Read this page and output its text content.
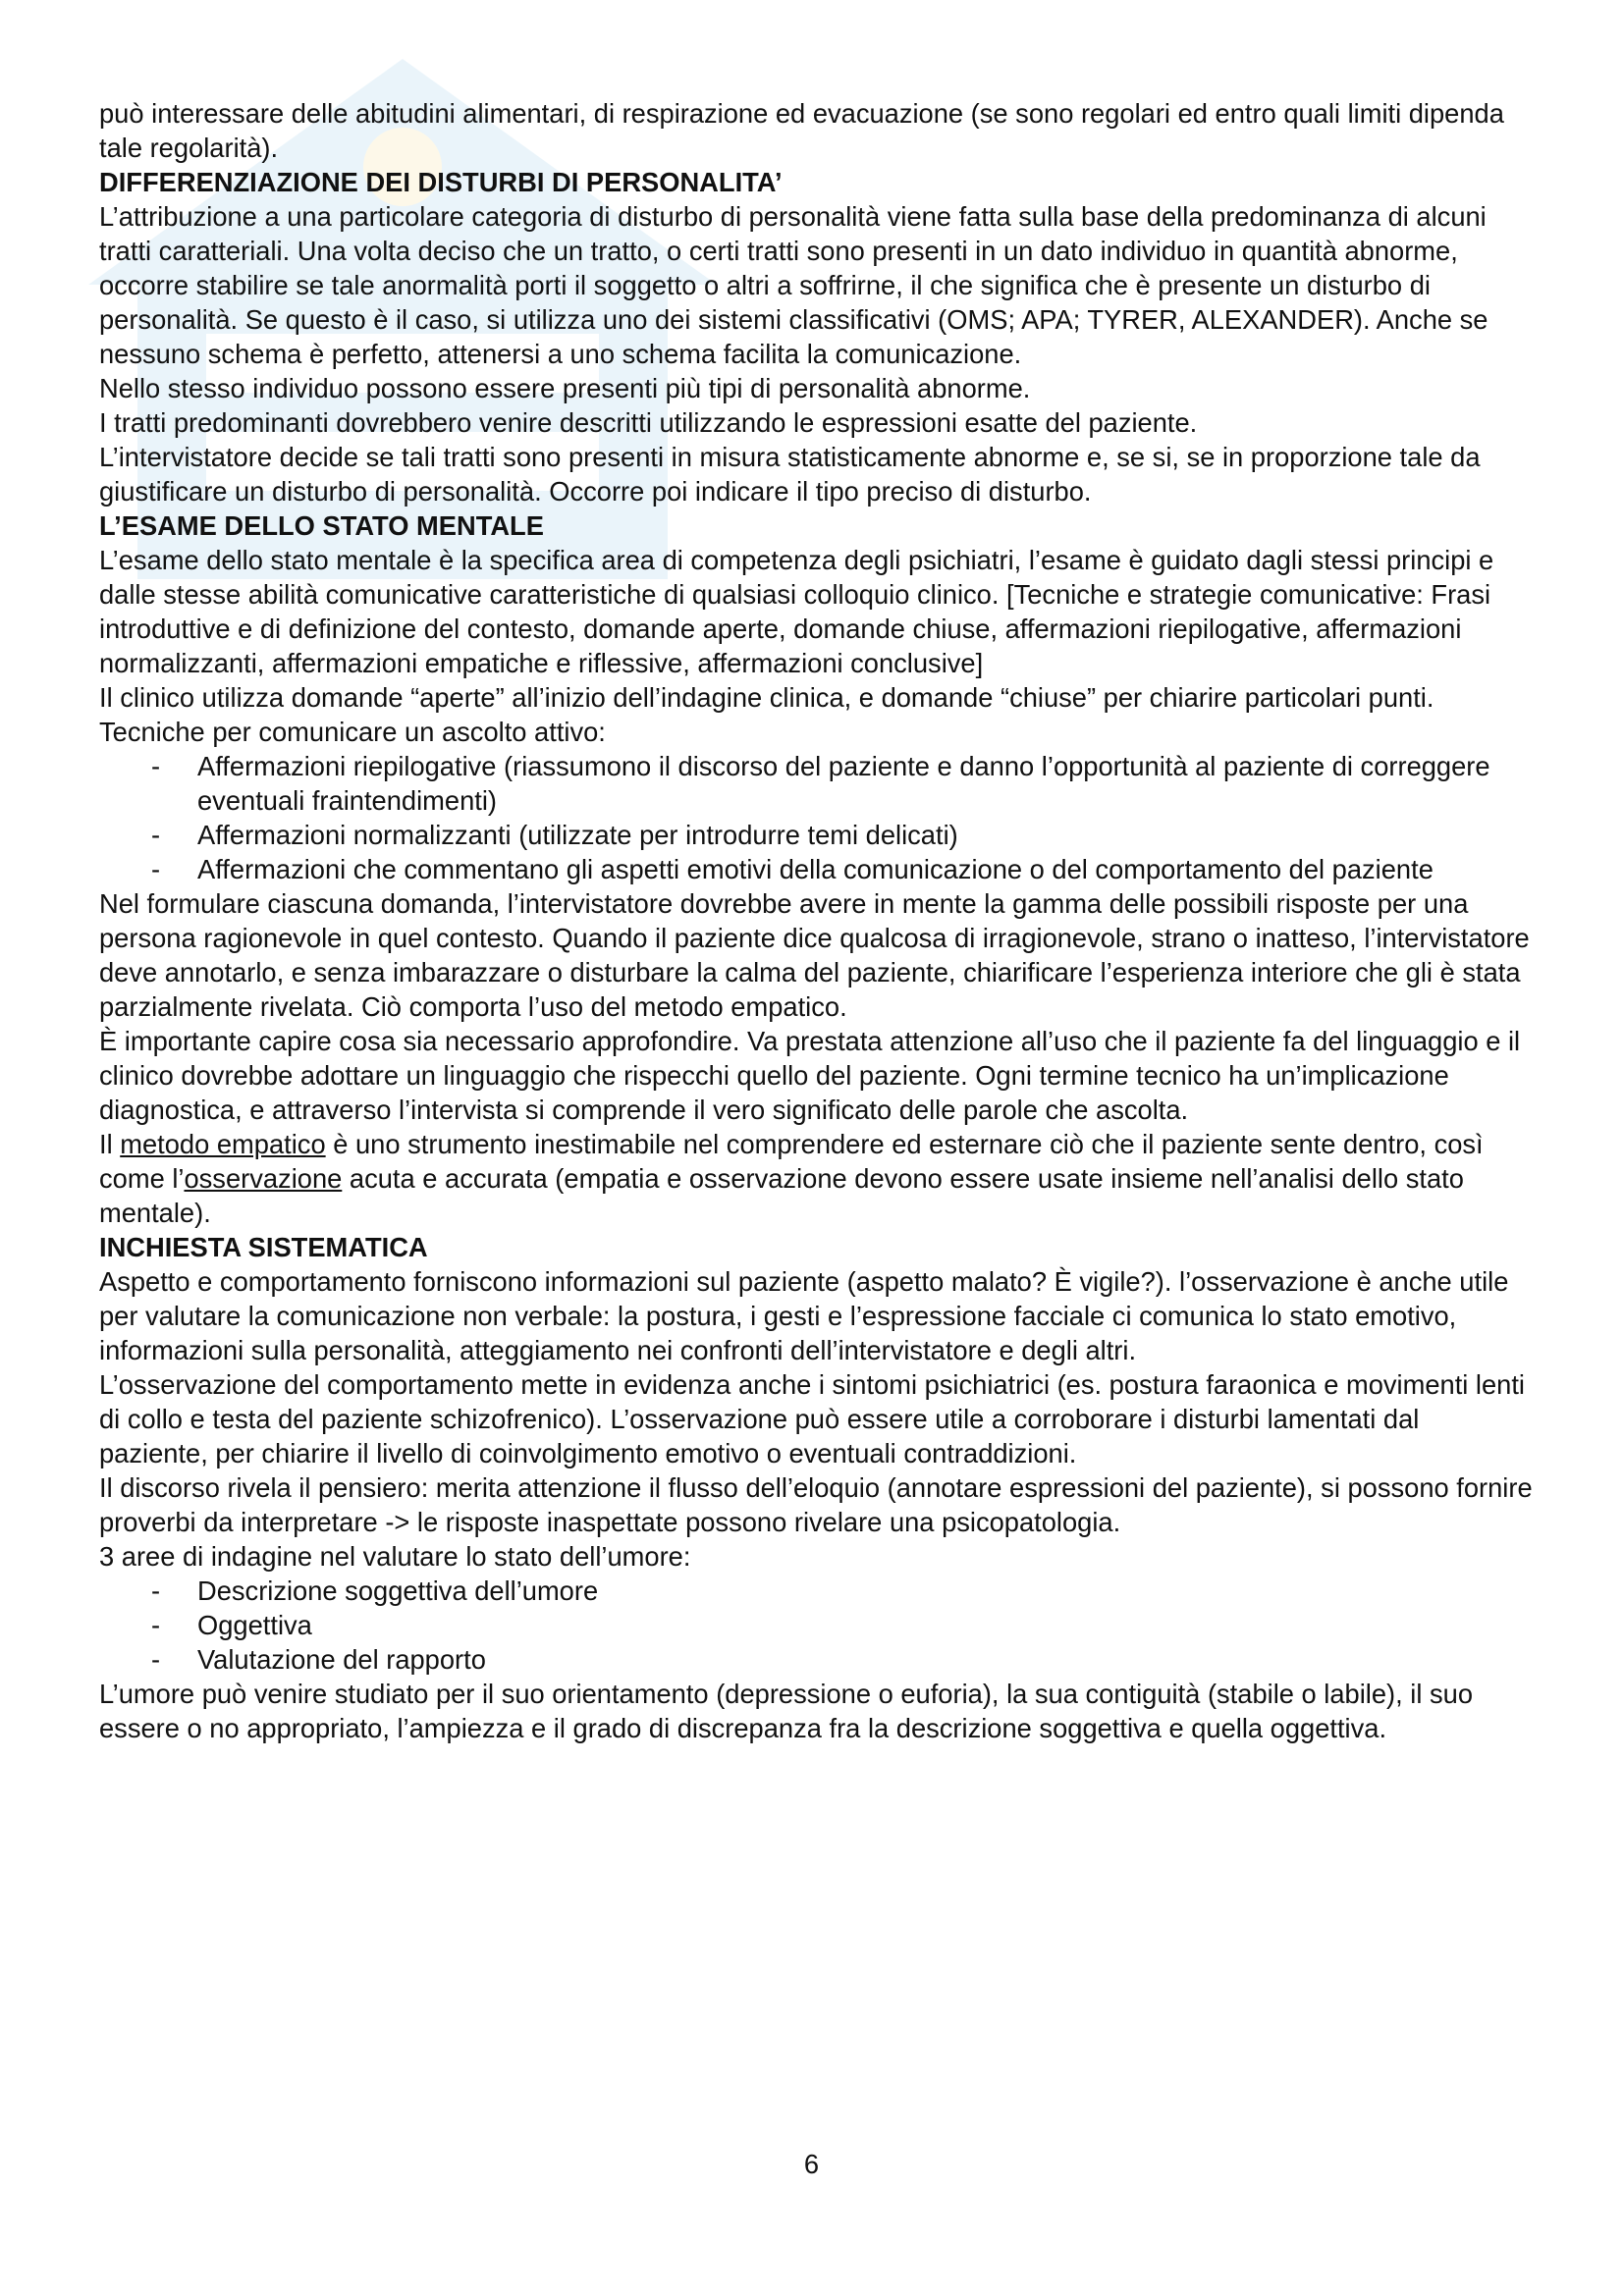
può interessare delle abitudini alimentari, di respirazione ed evacuazione (se sono regolari ed entro quali limiti dipenda tale regolarità).

DIFFERENZIAZIONE DEI DISTURBI DI PERSONALITA’

L’attribuzione a una particolare categoria di disturbo di personalità viene fatta sulla base della predominanza di alcuni tratti caratteriali. Una volta deciso che un tratto, o certi tratti sono presenti in un dato individuo in quantità abnorme, occorre stabilire se tale anormalità porti il soggetto o altri a soffrirne, il che significa che è presente un disturbo di personalità. Se questo è il caso, si utilizza uno dei sistemi classificativi (OMS; APA; TYRER, ALEXANDER). Anche se nessuno schema è perfetto, attenersi a uno schema facilita la comunicazione.

Nello stesso individuo possono essere presenti più tipi di personalità abnorme.

I tratti predominanti dovrebbero venire descritti utilizzando le espressioni esatte del paziente.

L’intervistatore decide se tali tratti sono presenti in misura statisticamente abnorme e, se si, se in proporzione tale da giustificare un disturbo di personalità. Occorre poi indicare il tipo preciso di disturbo.

L’ESAME DELLO STATO MENTALE

L’esame dello stato mentale è la specifica area di competenza degli psichiatri, l’esame è guidato dagli stessi principi e dalle stesse abilità comunicative caratteristiche di qualsiasi colloquio clinico. [Tecniche e strategie comunicative: Frasi introduttive e di definizione del contesto, domande aperte, domande chiuse, affermazioni riepilogative, affermazioni normalizzanti, affermazioni empatiche e riflessive, affermazioni conclusive]

Il clinico utilizza domande “aperte” all’inizio dell’indagine clinica, e domande “chiuse” per chiarire particolari punti.

Tecniche per comunicare un ascolto attivo:

- Affermazioni riepilogative (riassumono il discorso del paziente e danno l’opportunità al paziente di correggere eventuali fraintendimenti)
- Affermazioni normalizzanti (utilizzate per introdurre temi delicati)
- Affermazioni che commentano gli aspetti emotivi della comunicazione o del comportamento del paziente

Nel formulare ciascuna domanda, l’intervistatore dovrebbe avere in mente la gamma delle possibili risposte per una persona ragionevole in quel contesto. Quando il paziente dice qualcosa di irragionevole, strano o inatteso, l’intervistatore deve annotarlo, e senza imbarazzare o disturbare la calma del paziente, chiarificare l’esperienza interiore che gli è stata parzialmente rivelata. Ciò comporta l’uso del metodo empatico.

È importante capire cosa sia necessario approfondire. Va prestata attenzione all’uso che il paziente fa del linguaggio e il clinico dovrebbe adottare un linguaggio che rispecchi quello del paziente. Ogni termine tecnico ha un’implicazione diagnostica, e attraverso l’intervista si comprende il vero significato delle parole che ascolta.

Il metodo empatico è uno strumento inestimabile nel comprendere ed esternare ciò che il paziente sente dentro, così come l’osservazione acuta e accurata (empatia e osservazione devono essere usate insieme nell’analisi dello stato mentale).

INCHIESTA SISTEMATICA

Aspetto e comportamento forniscono informazioni sul paziente (aspetto malato? È vigile?). l’osservazione è anche utile per valutare la comunicazione non verbale: la postura, i gesti e l’espressione facciale ci comunica lo stato emotivo, informazioni sulla personalità, atteggiamento nei confronti dell’intervistatore e degli altri.

L’osservazione del comportamento mette in evidenza anche i sintomi psichiatrici (es. postura faraonica e movimenti lenti di collo e testa del paziente schizofrenico). L’osservazione può essere utile a corroborare i disturbi lamentati dal paziente, per chiarire il livello di coinvolgimento emotivo o eventuali contraddizioni.

Il discorso rivela il pensiero: merita attenzione il flusso dell’eloquio (annotare espressioni del paziente), si possono fornire proverbi da interpretare -> le risposte inaspettate possono rivelare una psicopatologia.

3 aree di indagine nel valutare lo stato dell’umore:

- Descrizione soggettiva dell’umore
- Oggettiva
- Valutazione del rapporto

L’umore può venire studiato per il suo orientamento (depressione o euforia), la sua contiguità (stabile o labile), il suo essere o no appropriato, l’ampiezza e il grado di discrepanza fra la descrizione soggettiva e quella oggettiva.

6
